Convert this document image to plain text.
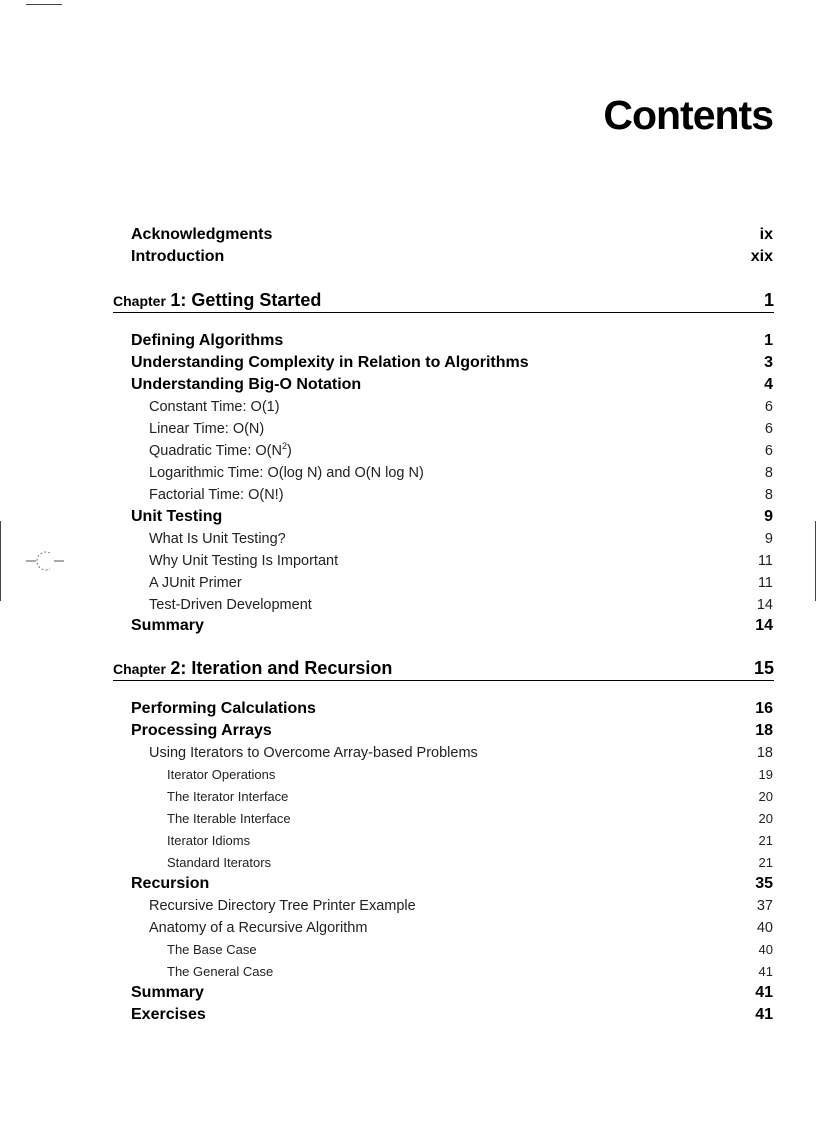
Contents
Acknowledgments	ix
Introduction	xix
Chapter 1: Getting Started	1
Defining Algorithms	1
Understanding Complexity in Relation to Algorithms	3
Understanding Big-O Notation	4
Constant Time: O(1)	6
Linear Time: O(N)	6
Quadratic Time: $O(N^2)$	6
Logarithmic Time: O(log N) and O(N log N)	8
Factorial Time: O(N!)	8
Unit Testing	9
What Is Unit Testing?	9
Why Unit Testing Is Important	11
A JUnit Primer	11
Test-Driven Development	14
Summary	14
Chapter 2: Iteration and Recursion	15
Performing Calculations	16
Processing Arrays	18
Using Iterators to Overcome Array-based Problems	18
Iterator Operations	19
The Iterator Interface	20
The Iterable Interface	20
Iterator Idioms	21
Standard Iterators	21
Recursion	35
Recursive Directory Tree Printer Example	37
Anatomy of a Recursive Algorithm	40
The Base Case	40
The General Case	41
Summary	41
Exercises	41
